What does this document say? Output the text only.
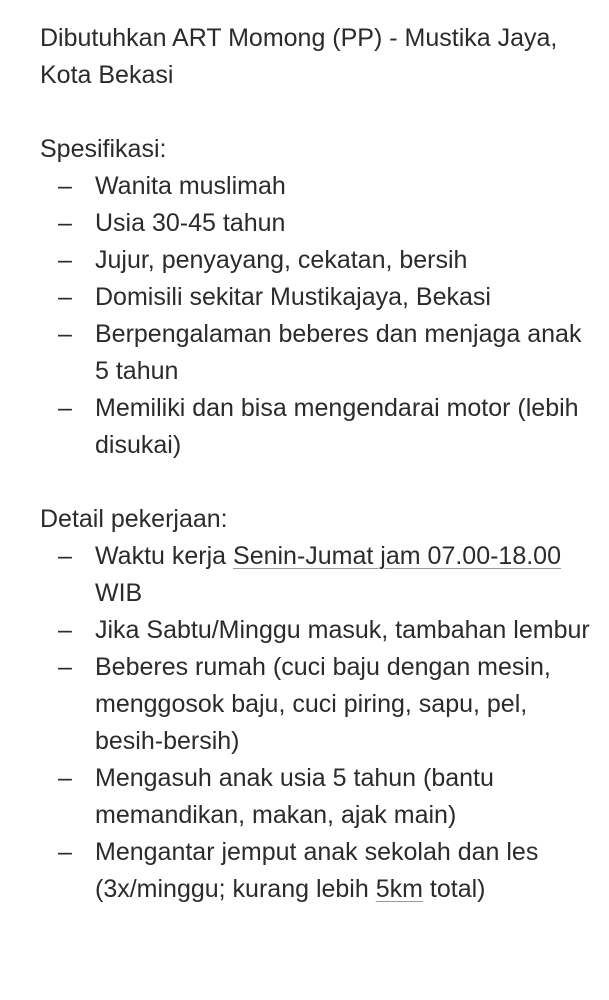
Dibutuhkan ART Momong (PP) - Mustika Jaya, Kota Bekasi

Spesifikasi:

– Wanita muslimah
– Usia 30-45 tahun
– Jujur, penyayang, cekatan, bersih
– Domisili sekitar Mustikajaya, Bekasi
– Berpengalaman beberes dan menjaga anak 5 tahun
– Memiliki dan bisa mengendarai motor (lebih disukai)

Detail pekerjaan:

– Waktu kerja Senin-Jumat jam 07.00-18.00 WIB
– Jika Sabtu/Minggu masuk, tambahan lembur
– Beberes rumah (cuci baju dengan mesin, menggosok baju, cuci piring, sapu, pel, besih-bersih)
– Mengasuh anak usia 5 tahun (bantu memandikan, makan, ajak main)
– Mengantar jemput anak sekolah dan les (3x/minggu; kurang lebih 5km total)
